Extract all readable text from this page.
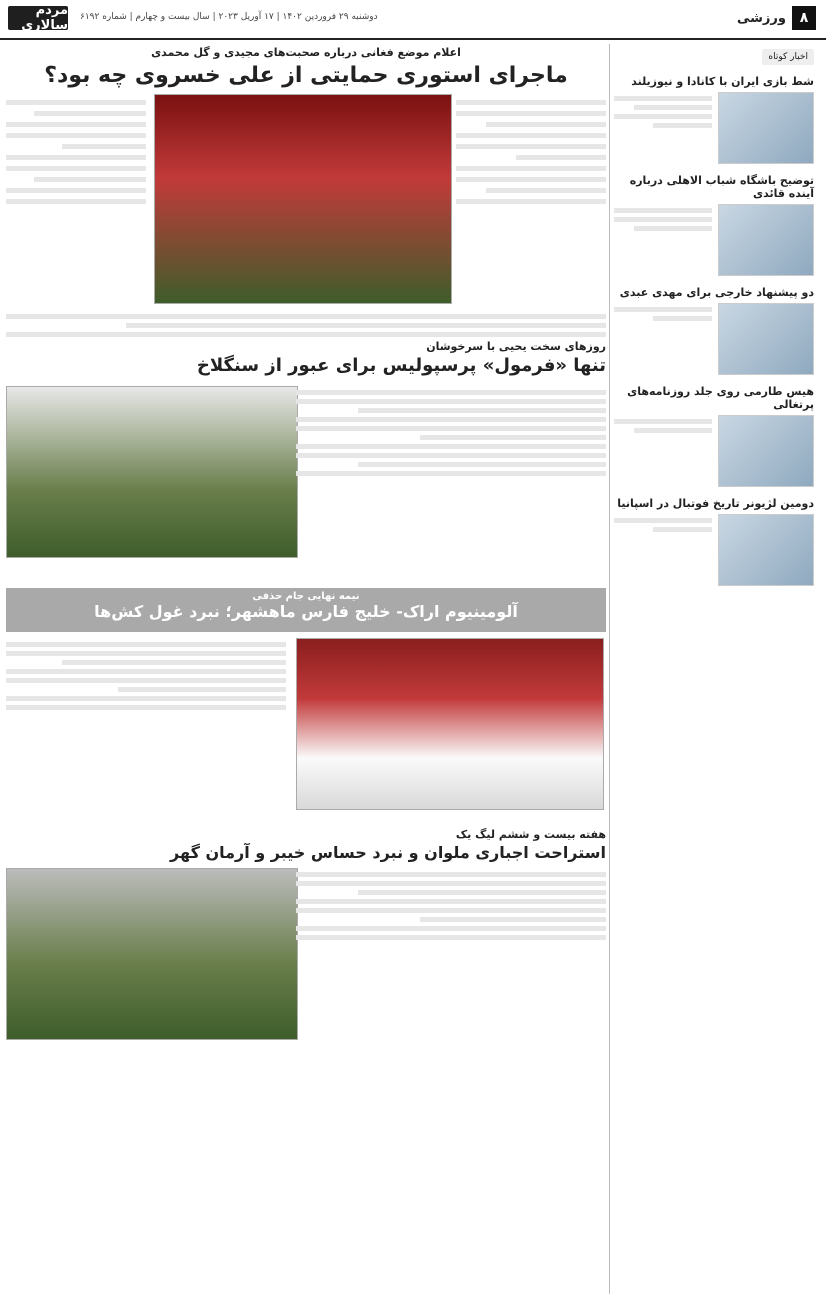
مردم سالاری
دوشنبه ۲۹ فروردین ۱۴۰۲ | ۱۷ آوریل ۲۰۲۳ | سال بیست و چهارم | شماره ۶۱۹۲	۸
ورزشی
اخبار کوتاه
شط بازی ایران با کانادا و نیوزیلند
توضیح باشگاه شباب الاهلی درباره آینده قائدی
دو پیشنهاد خارجی برای مهدی عبدی
هیس طارمی روی جلد روزنامه‌های پرتغالی
دومین لژیونر تاریخ فوتبال در اسپانیا
اعلام موضع فغانی درباره صحبت‌های مجیدی و گل محمدی
ماجرای استوری حمایتی از علی خسروی چه بود؟
روزهای سخت یحیی با سرخوشان
تنها «فرمول» پرسپولیس برای عبور از سنگلاخ
نیمه نهایی جام حذفی
آلومینیوم اراک- خلیج فارس ماهشهر؛ نبرد غول کش‌ها
هفته بیست و ششم لیگ یک
استراحت اجباری ملوان و نبرد حساس خیبر و آرمان گهر
